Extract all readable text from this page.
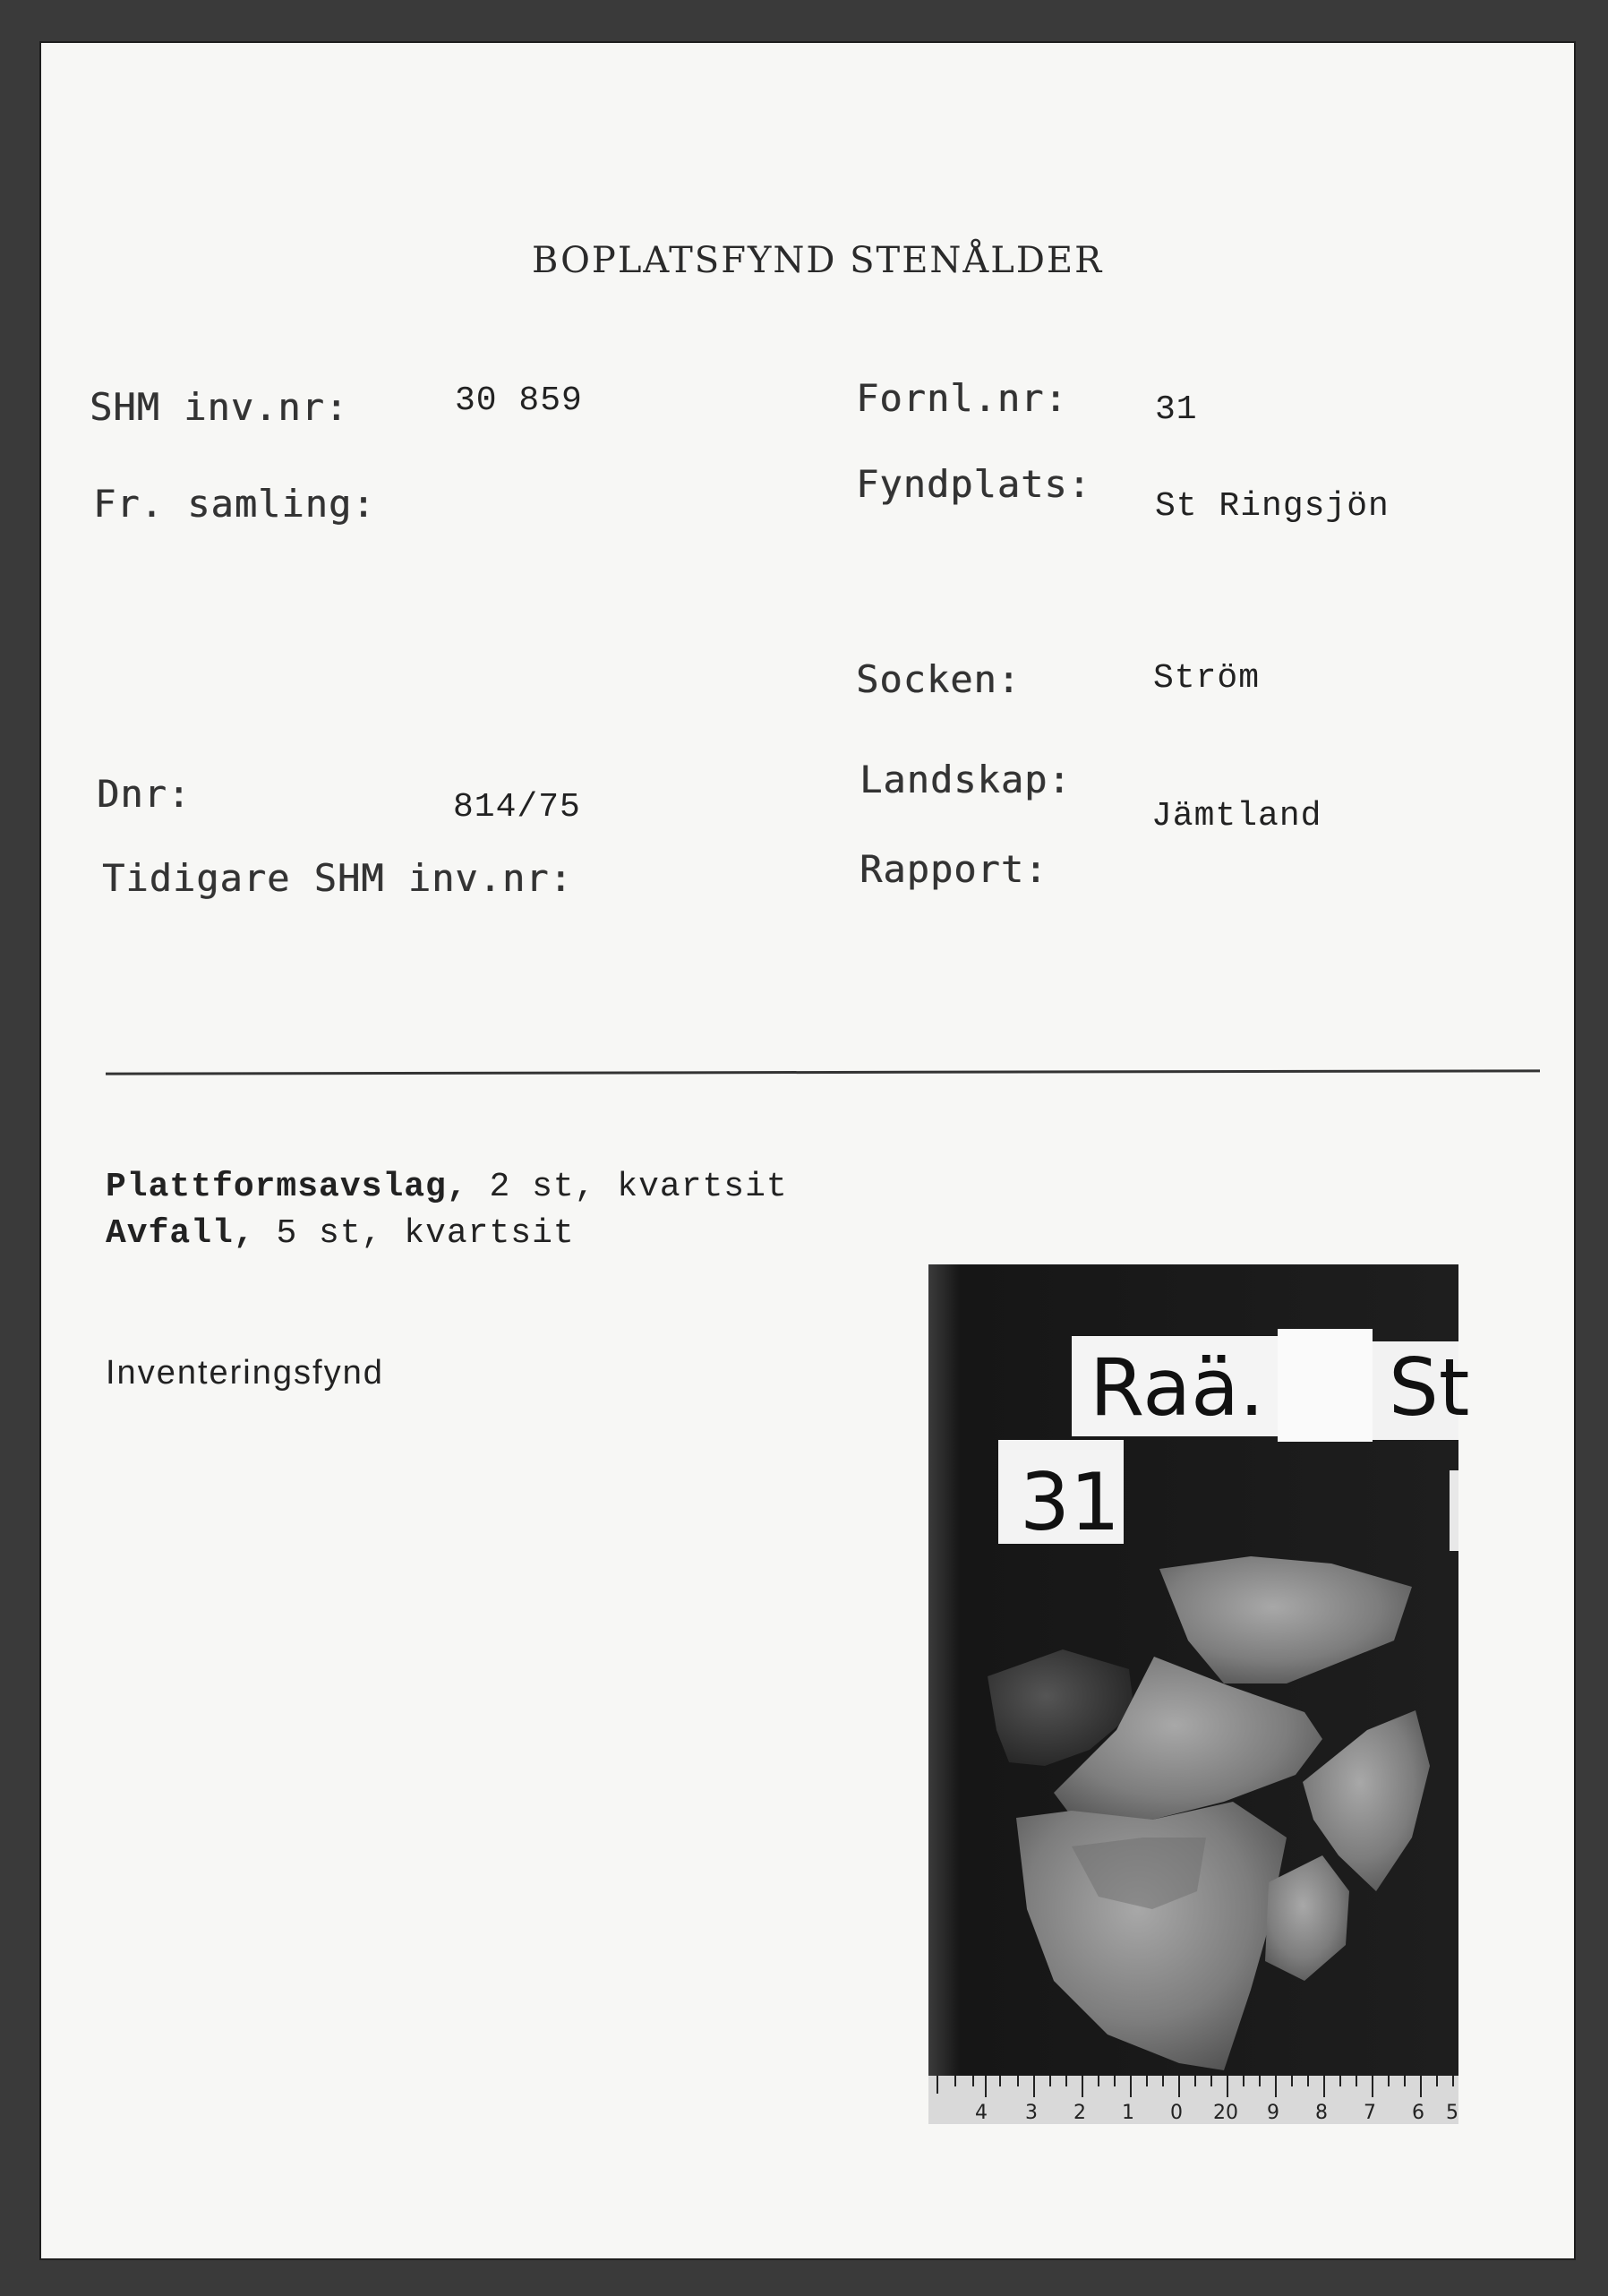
BOPLATSFYND STENÅLDER

SHM inv.nr:	30 859

Fr. samling:

Dnr:	814/75

Tidigare SHM inv.nr:

Fornl.nr:	31

Fyndplats:

St Ringsjön

Socken:	Ström

Landskap:

Jämtland

Rapport:

Plattformsavslag, 2 st, kvartsit

Avfall, 5 st, kvartsit

Inventeringsfynd	Raä. St
31
4 3 2 1 0 20 9 8 7 6 5
